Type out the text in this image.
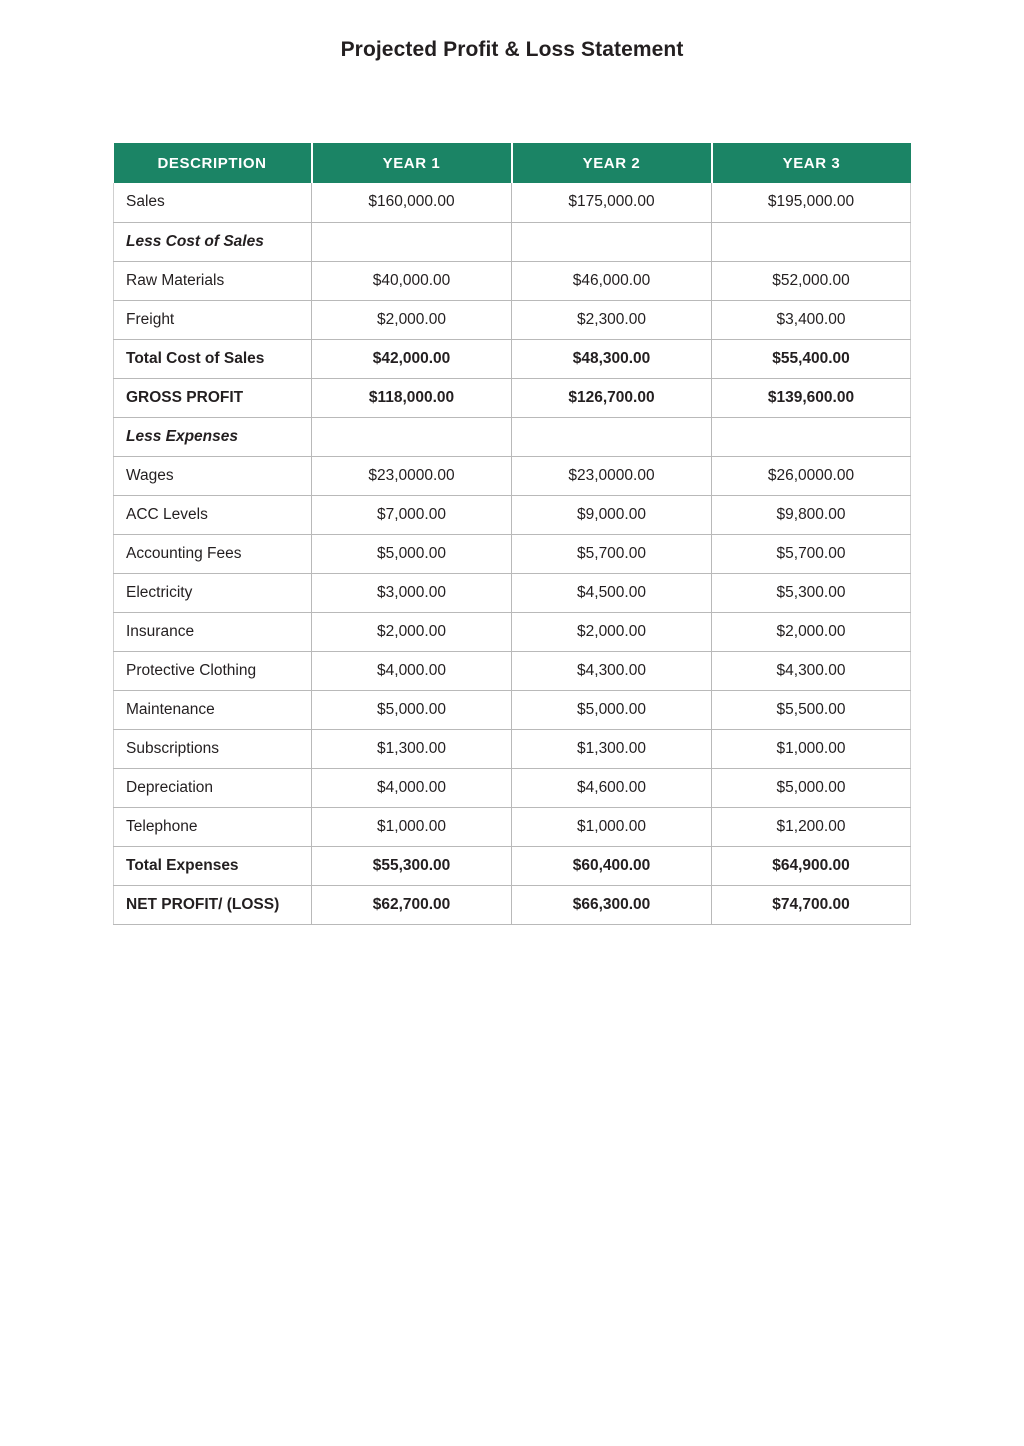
Projected Profit & Loss Statement
DESCRIPTION	YEAR 1	YEAR 2	YEAR 3
Sales	$160,000.00	$175,000.00	$195,000.00
Less Cost of Sales			
Raw Materials	$40,000.00	$46,000.00	$52,000.00
Freight	$2,000.00	$2,300.00	$3,400.00
Total Cost of Sales	$42,000.00	$48,300.00	$55,400.00
GROSS PROFIT	$118,000.00	$126,700.00	$139,600.00
Less Expenses			
Wages	$23,0000.00	$23,0000.00	$26,0000.00
ACC Levels	$7,000.00	$9,000.00	$9,800.00
Accounting Fees	$5,000.00	$5,700.00	$5,700.00
Electricity	$3,000.00	$4,500.00	$5,300.00
Insurance	$2,000.00	$2,000.00	$2,000.00
Protective Clothing	$4,000.00	$4,300.00	$4,300.00
Maintenance	$5,000.00	$5,000.00	$5,500.00
Subscriptions	$1,300.00	$1,300.00	$1,000.00
Depreciation	$4,000.00	$4,600.00	$5,000.00
Telephone	$1,000.00	$1,000.00	$1,200.00
Total Expenses	$55,300.00	$60,400.00	$64,900.00
NET PROFIT/ (LOSS)	$62,700.00	$66,300.00	$74,700.00
